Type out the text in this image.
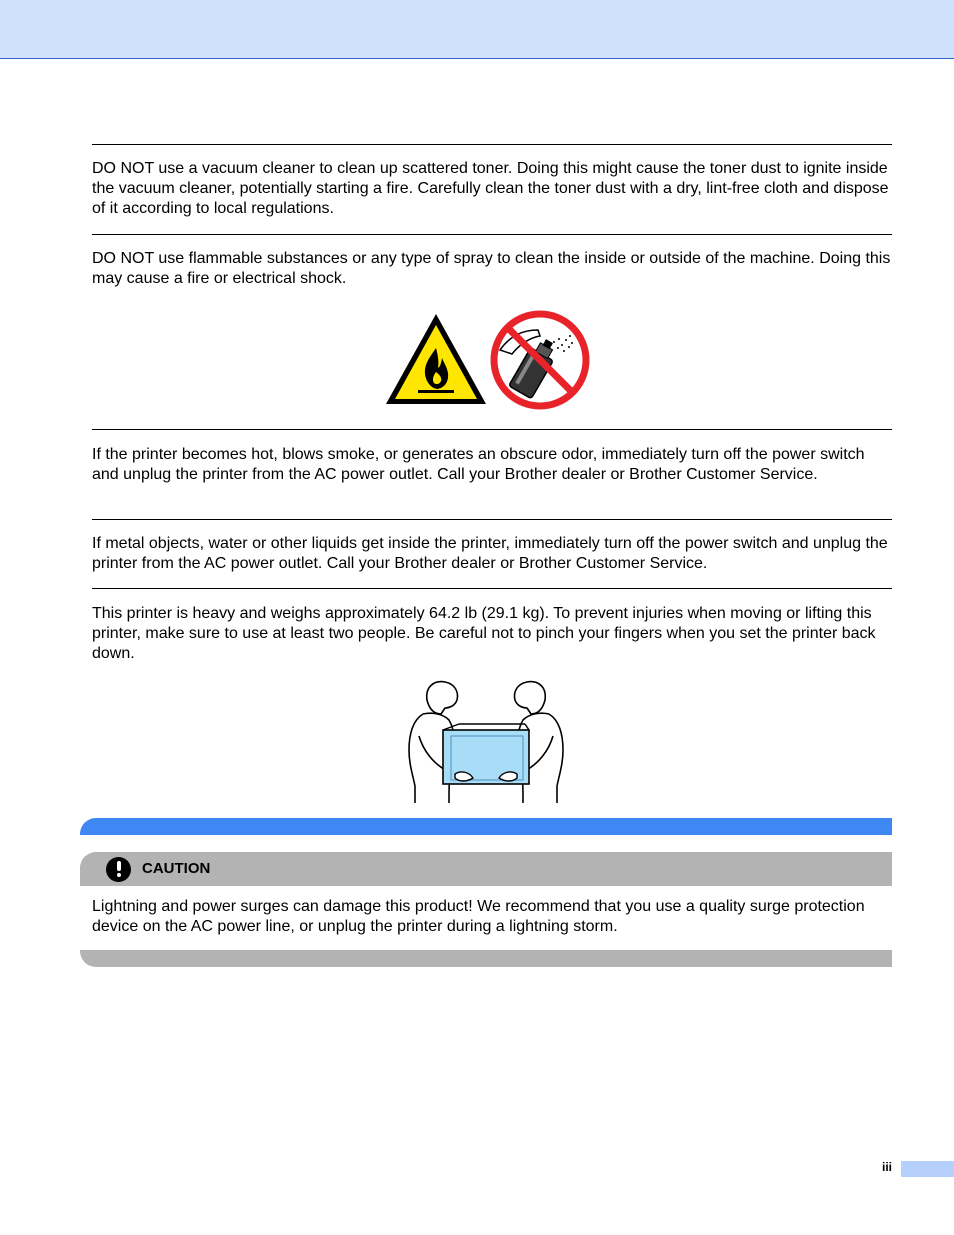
DO NOT use a vacuum cleaner to clean up scattered toner. Doing this might cause the toner dust to ignite inside the vacuum cleaner, potentially starting a fire. Carefully clean the toner dust with a dry, lint-free cloth and dispose of it according to local regulations.

DO NOT use flammable substances or any type of spray to clean the inside or outside of the machine. Doing this may cause a fire or electrical shock.

If the printer becomes hot, blows smoke, or generates an obscure odor, immediately turn off the power switch and unplug the printer from the AC power outlet. Call your Brother dealer or Brother Customer Service.

If metal objects, water or other liquids get inside the printer, immediately turn off the power switch and unplug the printer from the AC power outlet. Call your Brother dealer or Brother Customer Service.

This printer is heavy and weighs approximately 64.2 lb (29.1 kg). To prevent injuries when moving or lifting this printer, make sure to use at least two people. Be careful not to pinch your fingers when you set the printer back down.

CAUTION

Lightning and power surges can damage this product! We recommend that you use a quality surge protection device on the AC power line, or unplug the printer during a lightning storm.

iii
